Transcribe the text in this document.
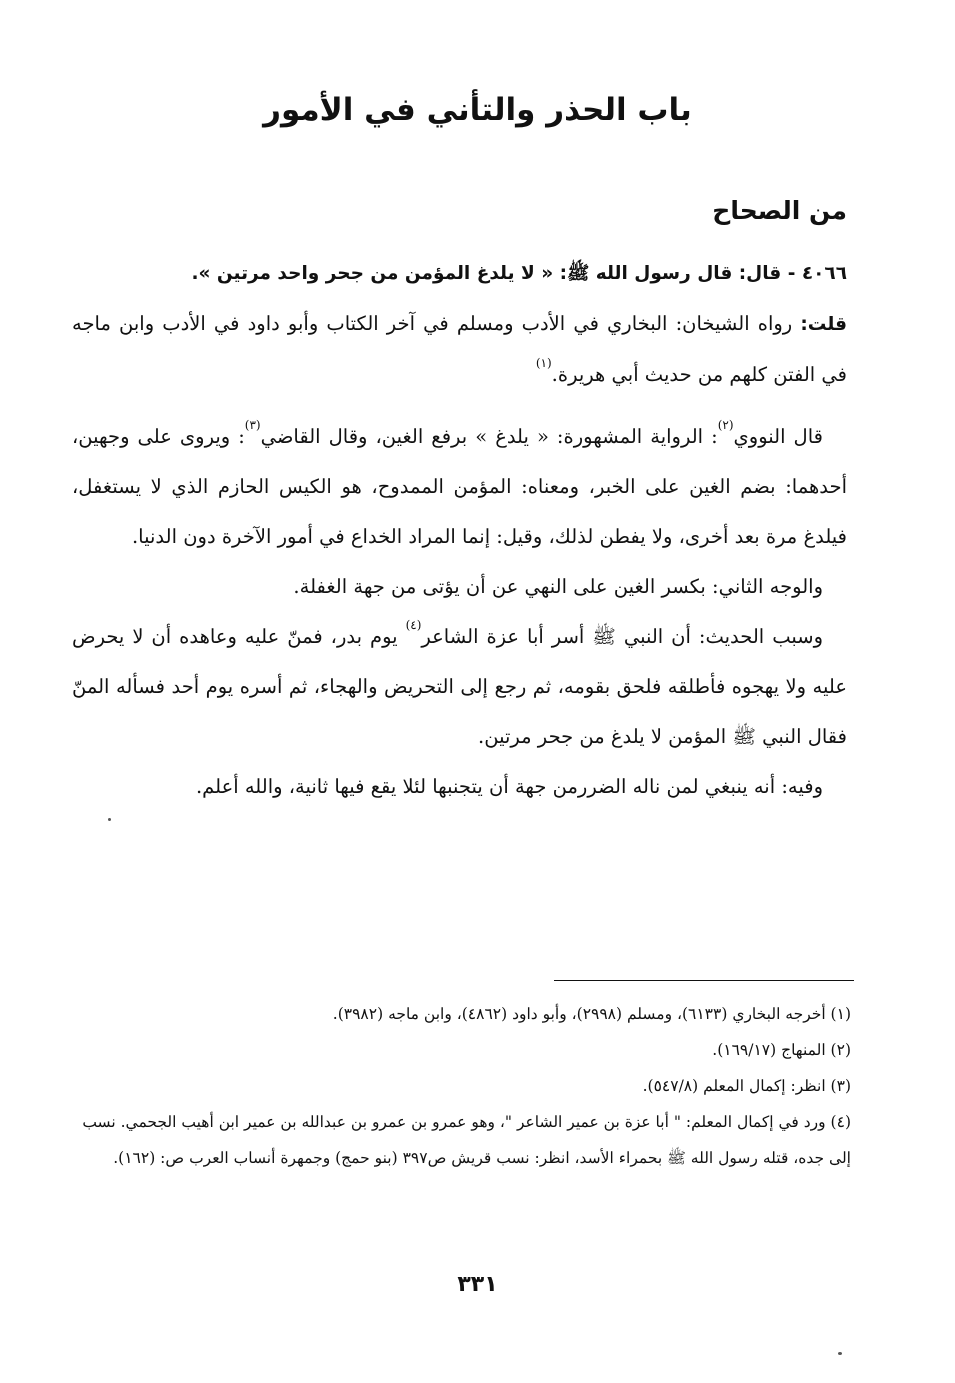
باب الحذر والتأني في الأمور
من الصحاح

٤٠٦٦ - قال: قال رسول الله ﷺ: « لا يلدغ المؤمن من جحر واحد مرتين ».

قلت: رواه الشيخان: البخاري في الأدب ومسلم في آخر الكتاب وأبو داود في الأدب وابن ماجه في الفتن كلهم من حديث أبي هريرة.$^{(١)}$

قال النووي$^{(٢)}$: الرواية المشهورة: « يلدغ » برفع الغين، وقال القاضي$^{(٣)}$: ويروى على وجهين، أحدهما: بضم الغين على الخبر، ومعناه: المؤمن الممدوح، هو الكيس الحازم الذي لا يستغفل، فيلدغ مرة بعد أخرى، ولا يفطن لذلك، وقيل: إنما المراد الخداع في أمور الآخرة دون الدنيا.

والوجه الثاني: بكسر الغين على النهي عن أن يؤتى من جهة الغفلة.

وسبب الحديث: أن النبي ﷺ أسر أبا عزة الشاعر$^{(٤)}$ يوم بدر، فمنّ عليه وعاهده أن لا يحرض عليه ولا يهجوه فأطلقه فلحق بقومه، ثم رجع إلى التحريض والهجاء، ثم أسره يوم أحد فسأله المنّ فقال النبي ﷺ المؤمن لا يلدغ من جحر مرتين.

وفيه: أنه ينبغي لمن ناله الضررمن جهة أن يتجنبها لئلا يقع فيها ثانية، والله أعلم.

(١) أخرجه البخاري (٦١٣٣)، ومسلم (٢٩٩٨)، وأبو داود (٤٨٦٢)، وابن ماجه (٣٩٨٢).

(٢) المنهاج (١٦٩/١٧).

(٣) انظر: إكمال المعلم (٥٤٧/٨).

(٤) ورد في إكمال المعلم: " أبا عزة بن عمير الشاعر "، وهو عمرو بن عمرو بن عبدالله بن عمير ابن أهيب الجحمي. نسب إلى جده، قتله رسول الله ﷺ بحمراء الأسد، انظر: نسب قريش ص٣٩٧ (بنو حمج) وجمهرة أنساب العرب ص: (١٦٢).

٣٣١
